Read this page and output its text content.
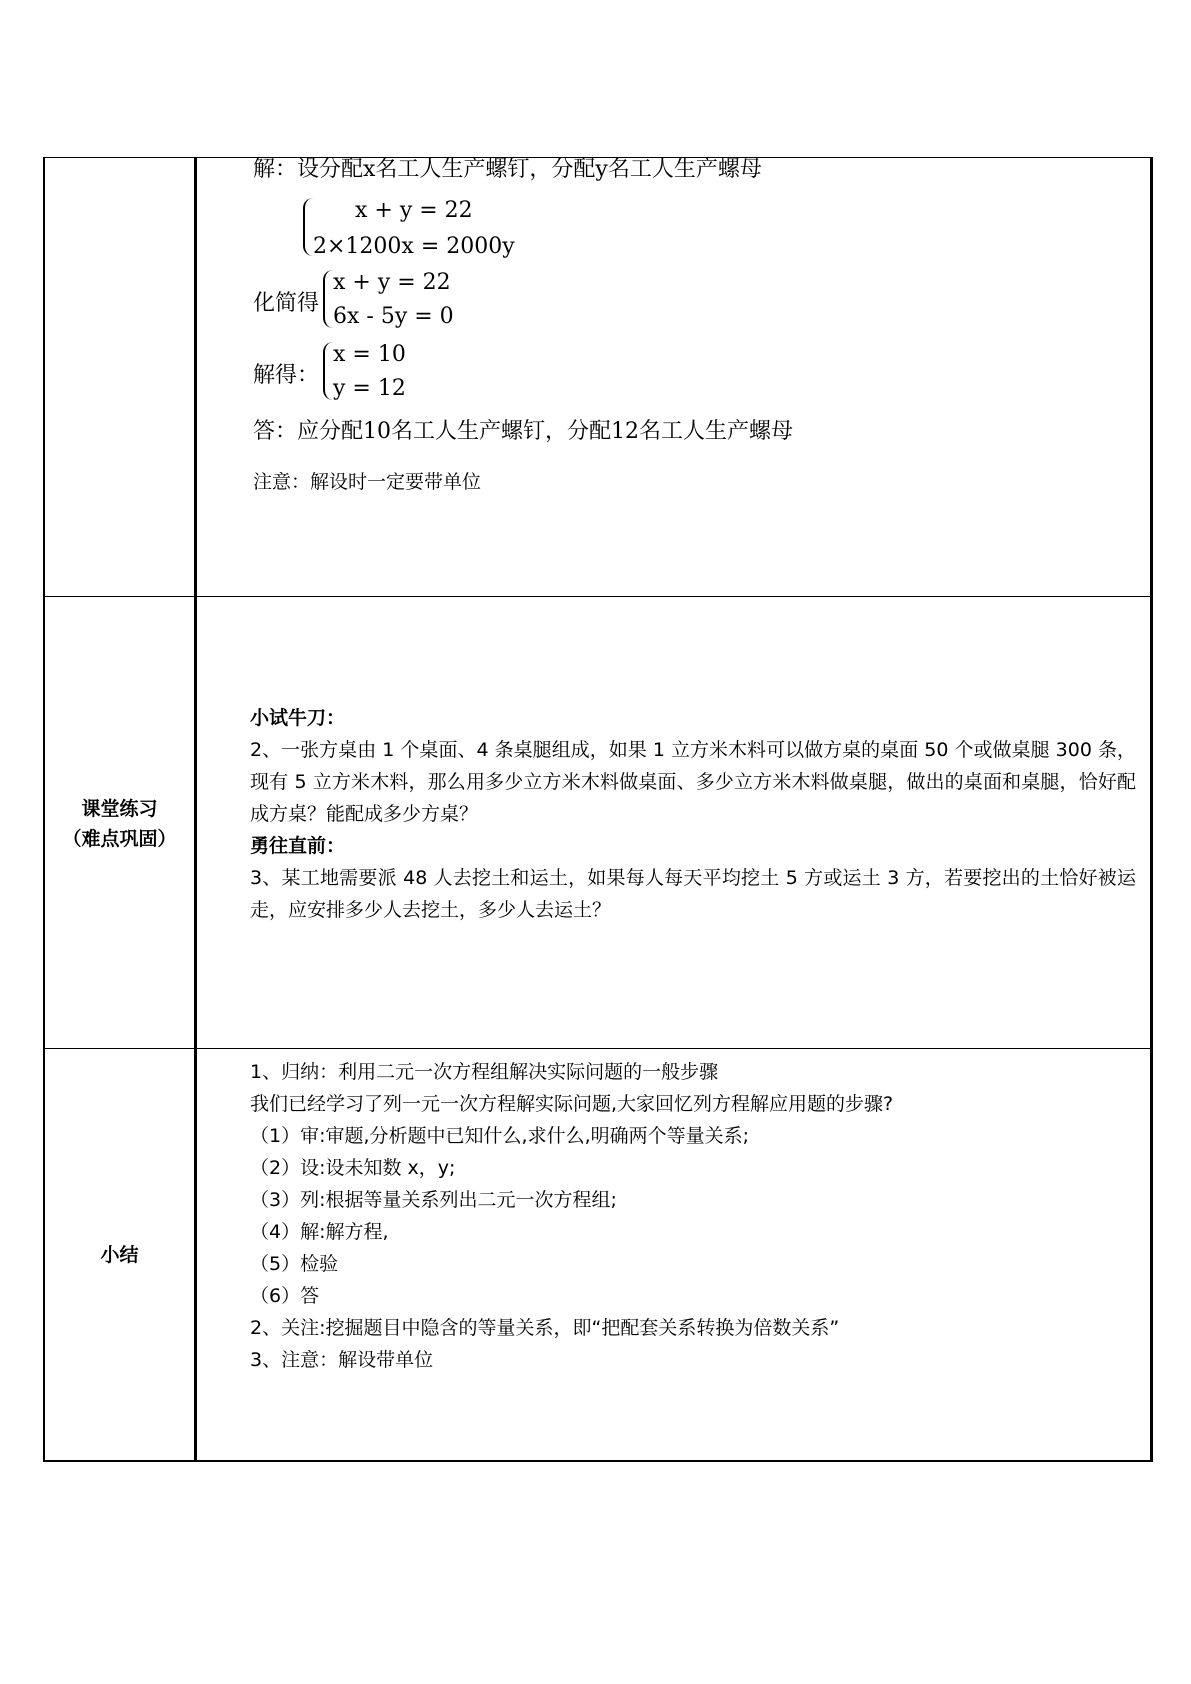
解：设分配x名工人生产螺钉，分配y名工人生产螺母
x + y = 22
2×1200x = 2000y
化简得
x + y = 22
6x - 5y = 0
解得：
x = 10
y = 12
答：应分配10名工人生产螺钉，分配12名工人生产螺母
注意：解设时一定要带单位

课堂练习

（难点巩固）

小试牛刀：

2、一张方桌由 1 个桌面、4 条桌腿组成，如果 1 立方米木料可以做方桌的桌面 50 个或做桌腿 300 条，现有 5 立方米木料，那么用多少立方米木料做桌面、多少立方米木料做桌腿，做出的桌面和桌腿，恰好配成方桌？能配成多少方桌？

勇往直前：

3、某工地需要派 48 人去挖土和运土，如果每人每天平均挖土 5 方或运土 3 方，若要挖出的土恰好被运走，应安排多少人去挖土，多少人去运土？

小结

1、归纳：利用二元一次方程组解决实际问题的一般步骤

我们已经学习了列一元一次方程解实际问题,大家回忆列方程解应用题的步骤?

（1）审:审题,分析题中已知什么,求什么,明确两个等量关系;

（2）设:设未知数 x，y;

（3）列:根据等量关系列出二元一次方程组;

（4）解:解方程,

（5）检验

（6）答

2、关注:挖掘题目中隐含的等量关系，即“把配套关系转换为倍数关系”

3、注意：解设带单位
